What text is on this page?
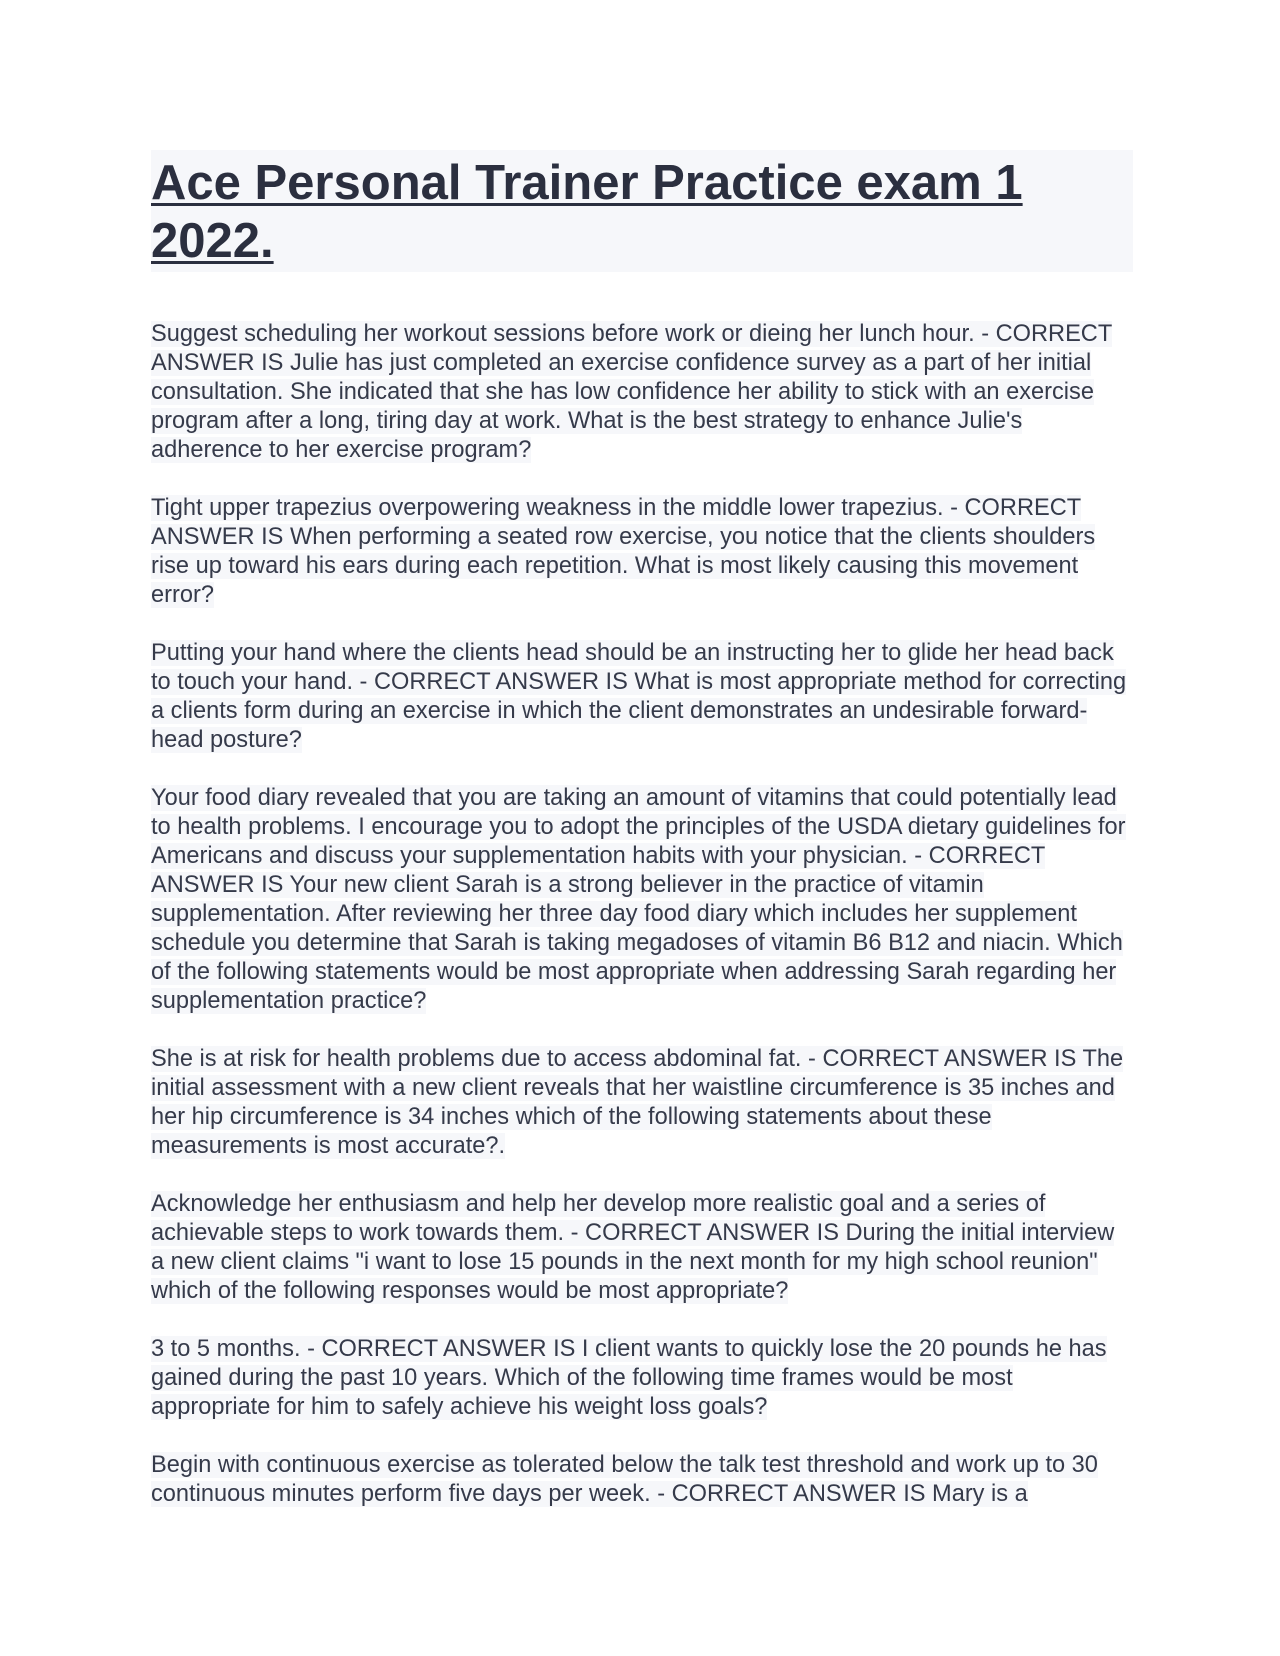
Ace Personal Trainer Practice exam 1 2022.

Suggest scheduling her workout sessions before work or dieing her lunch hour. - CORRECT ANSWER IS Julie has just completed an exercise confidence survey as a part of her initial consultation. She indicated that she has low confidence her ability to stick with an exercise program after a long, tiring day at work. What is the best strategy to enhance Julie's adherence to her exercise program?

Tight upper trapezius overpowering weakness in the middle lower trapezius. - CORRECT ANSWER IS When performing a seated row exercise, you notice that the clients shoulders rise up toward his ears during each repetition. What is most likely causing this movement error?

Putting your hand where the clients head should be an instructing her to glide her head back to touch your hand. - CORRECT ANSWER IS What is most appropriate method for correcting a clients form during an exercise in which the client demonstrates an undesirable forward-head posture?

Your food diary revealed that you are taking an amount of vitamins that could potentially lead to health problems. I encourage you to adopt the principles of the USDA dietary guidelines for Americans and discuss your supplementation habits with your physician. - CORRECT ANSWER IS Your new client Sarah is a strong believer in the practice of vitamin supplementation. After reviewing her three day food diary which includes her supplement schedule you determine that Sarah is taking megadoses of vitamin B6 B12 and niacin. Which of the following statements would be most appropriate when addressing Sarah regarding her supplementation practice?

She is at risk for health problems due to access abdominal fat. - CORRECT ANSWER IS The initial assessment with a new client reveals that her waistline circumference is 35 inches and her hip circumference is 34 inches which of the following statements about these measurements is most accurate?.

Acknowledge her enthusiasm and help her develop more realistic goal and a series of achievable steps to work towards them. - CORRECT ANSWER IS During the initial interview a new client claims "i want to lose 15 pounds in the next month for my high school reunion" which of the following responses would be most appropriate?

3 to 5 months. - CORRECT ANSWER IS I client wants to quickly lose the 20 pounds he has gained during the past 10 years. Which of the following time frames would be most appropriate for him to safely achieve his weight loss goals?

Begin with continuous exercise as tolerated below the talk test threshold and work up to 30 continuous minutes perform five days per week. - CORRECT ANSWER IS Mary is a
